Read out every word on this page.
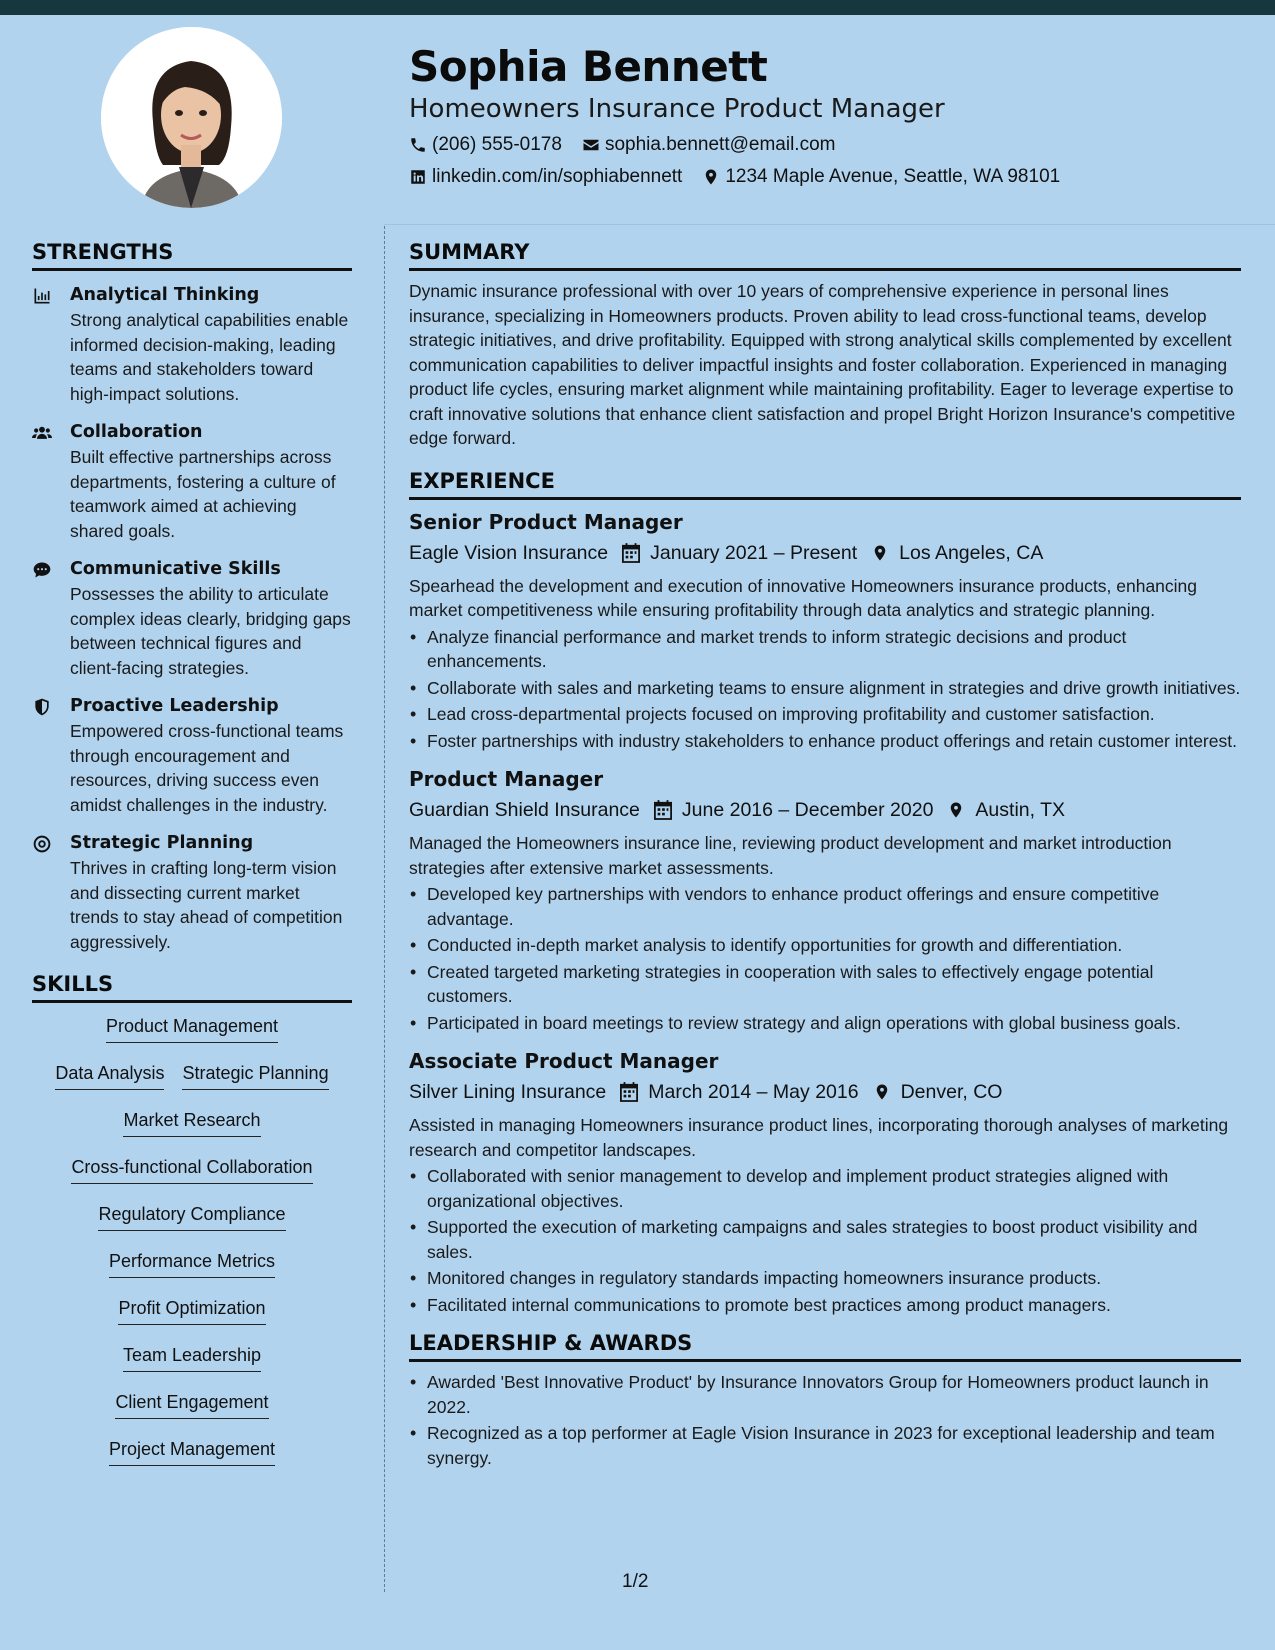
Sophia Bennett
Homeowners Insurance Product Manager
(206) 555-0178 sophia.bennett@email.com
linkedin.com/in/sophiabennett 1234 Maple Avenue, Seattle, WA 98101
STRENGTHS
Analytical Thinking
Strong analytical capabilities enable informed decision-making, leading teams and stakeholders toward high-impact solutions.
Collaboration
Built effective partnerships across departments, fostering a culture of teamwork aimed at achieving shared goals.
Communicative Skills
Possesses the ability to articulate complex ideas clearly, bridging gaps between technical figures and client-facing strategies.
Proactive Leadership
Empowered cross-functional teams through encouragement and resources, driving success even amidst challenges in the industry.
Strategic Planning
Thrives in crafting long-term vision and dissecting current market trends to stay ahead of competition aggressively.
SKILLS
Product Management
Data Analysis Strategic Planning
Market Research
Cross-functional Collaboration
Regulatory Compliance
Performance Metrics
Profit Optimization
Team Leadership
Client Engagement
Project Management
SUMMARY
Dynamic insurance professional with over 10 years of comprehensive experience in personal lines insurance, specializing in Homeowners products. Proven ability to lead cross-functional teams, develop strategic initiatives, and drive profitability. Equipped with strong analytical skills complemented by excellent communication capabilities to deliver impactful insights and foster collaboration. Experienced in managing product life cycles, ensuring market alignment while maintaining profitability. Eager to leverage expertise to craft innovative solutions that enhance client satisfaction and propel Bright Horizon Insurance's competitive edge forward.
EXPERIENCE
Senior Product Manager
Eagle Vision Insurance January 2021 – Present Los Angeles, CA
Spearhead the development and execution of innovative Homeowners insurance products, enhancing market competitiveness while ensuring profitability through data analytics and strategic planning.
• Analyze financial performance and market trends to inform strategic decisions and product enhancements.
• Collaborate with sales and marketing teams to ensure alignment in strategies and drive growth initiatives.
• Lead cross-departmental projects focused on improving profitability and customer satisfaction.
• Foster partnerships with industry stakeholders to enhance product offerings and retain customer interest.
Product Manager
Guardian Shield Insurance June 2016 – December 2020 Austin, TX
Managed the Homeowners insurance line, reviewing product development and market introduction strategies after extensive market assessments.
• Developed key partnerships with vendors to enhance product offerings and ensure competitive advantage.
• Conducted in-depth market analysis to identify opportunities for growth and differentiation.
• Created targeted marketing strategies in cooperation with sales to effectively engage potential customers.
• Participated in board meetings to review strategy and align operations with global business goals.
Associate Product Manager
Silver Lining Insurance March 2014 – May 2016 Denver, CO
Assisted in managing Homeowners insurance product lines, incorporating thorough analyses of marketing research and competitor landscapes.
• Collaborated with senior management to develop and implement product strategies aligned with organizational objectives.
• Supported the execution of marketing campaigns and sales strategies to boost product visibility and sales.
• Monitored changes in regulatory standards impacting homeowners insurance products.
• Facilitated internal communications to promote best practices among product managers.
LEADERSHIP & AWARDS
• Awarded 'Best Innovative Product' by Insurance Innovators Group for Homeowners product launch in 2022.
• Recognized as a top performer at Eagle Vision Insurance in 2023 for exceptional leadership and team synergy.
1/2
